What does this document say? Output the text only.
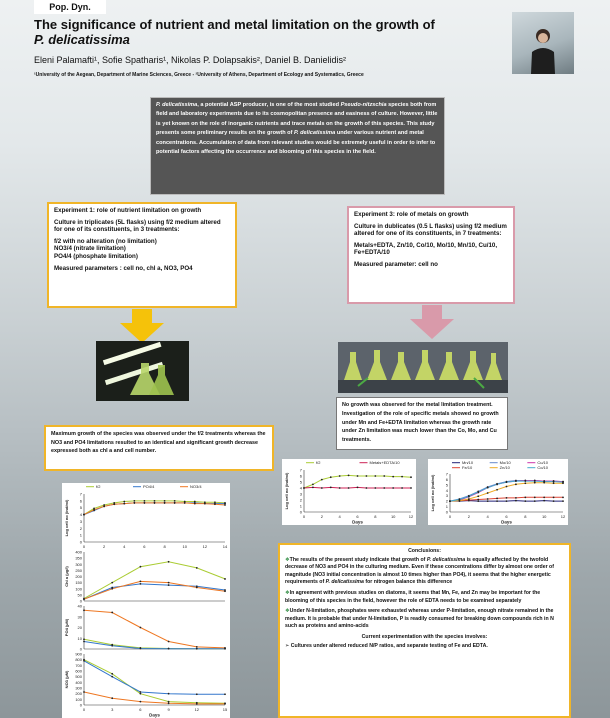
Pop. Dyn.
The significance of nutrient and metal limitation on the growth of
P. delicatissima
Eleni Palamafti¹, Sofie Spatharis¹, Nikolas P. Dolapsakis², Daniel B. Danielidis²
¹University of the Aegean, Department of Marine Sciences, Greece - ²University of Athens, Department of Ecology and Systematics, Greece
P. delicatissima, a potential ASP producer, is one of the most studied Pseudo-nitzschia species both from field and laboratory experiments due to its cosmopolitan presence and easiness of culture. However, little is yet known on the role of inorganic nutrients and trace metals on the growth of this species. This study presents some preliminary results on the growth of P. delicatissima under various nutrient and metal concentrations. Accumulation of data from relevant studies would be extremely useful in order to infer to potential factors affecting the occurrence and blooming of this species in the field.

Experiment 1: role of nutrient limitation on growth

Culture in triplicates (5L flasks) using f/2 medium altered for one of its constituents, in 3 treatments:

f/2 with no alteration (no limitation)
NO3/4 (nitrate limitation)

PO4/4 (phosphate limitation)

Measured parameters : cell no, chl a, NO3, PO4

Experiment 3: role of metals on growth

Culture in dublicates (0.5 L flasks) using f/2 medium altered for one of its constituents, in 7 treatments:

Metals+EDTA, Zn/10, Co/10, Mo/10, Mn/10, Cu/10, Fe+EDTA/10

Measured parameter: cell no

Maximum growth of the species was observed under the f/2 treatments whereas the NO3 and PO4 limitations resulted to an identical and significant growth decrease expressed both as chl a and cell number.
No growth was observed for the metal limitation treatment. Investigation of the role of specific metals showed no growth under Mn and Fe+EDTA limitation whereas the growth rate under Zn limitation was much lower than the Co, Mo, and Cu treatments.
0
1
2
3
4
5
6
7
0	2	4	6	8	10	12	14
Log cell no (ind/ml)
f/2	PO4/4	NO3/4
0
50
100
150
200
250
300
350
400
Chl a (µg/l)
0
10
20
30
40
PO4 (µM)
0
100
200
300
400
500
600
700
800
900
0	3	6	9	12	15
Days
NO3 (µM)
0
1
2
3
4
5
6
7
0	2	4	6	8	10	12
Days
Log cell no (ind/ml)
f/2	Metals+EDTA/10
0
1
2
3
4
5
6
7
0	2	4	6	8	10	12
Days
Log cell no (ind/ml)
Mn/10	Mo/10	Cu/10
Fe/10	Zn/10	Co/10
Conclusions:

❖The results of the present study indicate that growth of P. delicatissima is equally affected by the twofold decrease of NO3 and PO4 in the culturing medium. Even if these concentrations differ by almost one order of magnitude (NO3 initial concentration is almost 10 times higher than PO4), it seems that the higher energetic requirements of P. delicatissima for nitrogen balance this difference

❖In agreement with previous studies on diatoms, it seems that Mn, Fe, and Zn may be important for the blooming of this species in the field, however the role of EDTA needs to be examined separately

❖Under N-limitation, phosphates were exhausted whereas under P-limitation, enough nitrate remained in the medium. It is probable that under N-limitation, P is readily consumed for breaking down compounds rich in N such as proteins and amino-acids

Current experimentation with the species involves:

➢ Cultures under altered reduced N/P ratios, and separate testing of Fe and EDTA.
